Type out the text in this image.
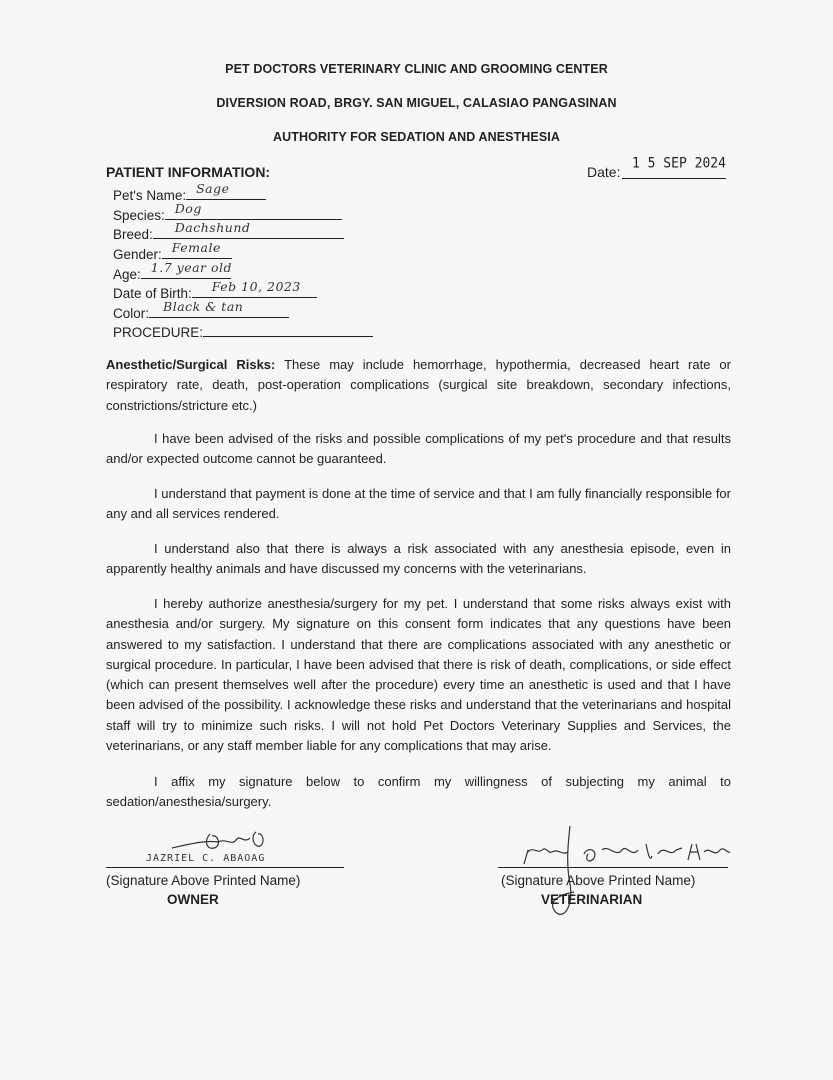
PET DOCTORS VETERINARY CLINIC AND GROOMING CENTER
DIVERSION ROAD, BRGY. SAN MIGUEL, CALASIAO PANGASINAN
AUTHORITY FOR SEDATION AND ANESTHESIA
PATIENT INFORMATION:	Date:
1 5 SEP 2024
Pet's Name: Sage
Species: Dog
Breed: Dachshund
Gender: Female
Age: 1.7 year old
Date of Birth: Feb 10, 2023
Color: Black & tan
PROCEDURE:
Anesthetic/Surgical Risks: These may include hemorrhage, hypothermia, decreased heart rate or respiratory rate, death, post-operation complications (surgical site breakdown, secondary infections, constrictions/stricture etc.)
I have been advised of the risks and possible complications of my pet's procedure and that results and/or expected outcome cannot be guaranteed.
I understand that payment is done at the time of service and that I am fully financially responsible for any and all services rendered.
I understand also that there is always a risk associated with any anesthesia episode, even in apparently healthy animals and have discussed my concerns with the veterinarians.
I hereby authorize anesthesia/surgery for my pet. I understand that some risks always exist with anesthesia and/or surgery. My signature on this consent form indicates that any questions have been answered to my satisfaction. I understand that there are complications associated with any anesthetic or surgical procedure. In particular, I have been advised that there is risk of death, complications, or side effect (which can present themselves well after the procedure) every time an anesthetic is used and that I have been advised of the possibility. I acknowledge these risks and understand that the veterinarians and hospital staff will try to minimize such risks. I will not hold Pet Doctors Veterinary Supplies and Services, the veterinarians, or any staff member liable for any complications that may arise.
I affix my signature below to confirm my willingness of subjecting my animal to sedation/anesthesia/surgery.
JAZRIEL C. ABAOAG
(Signature Above Printed Name)
OWNER
(Signature Above Printed Name)
VETERINARIAN
